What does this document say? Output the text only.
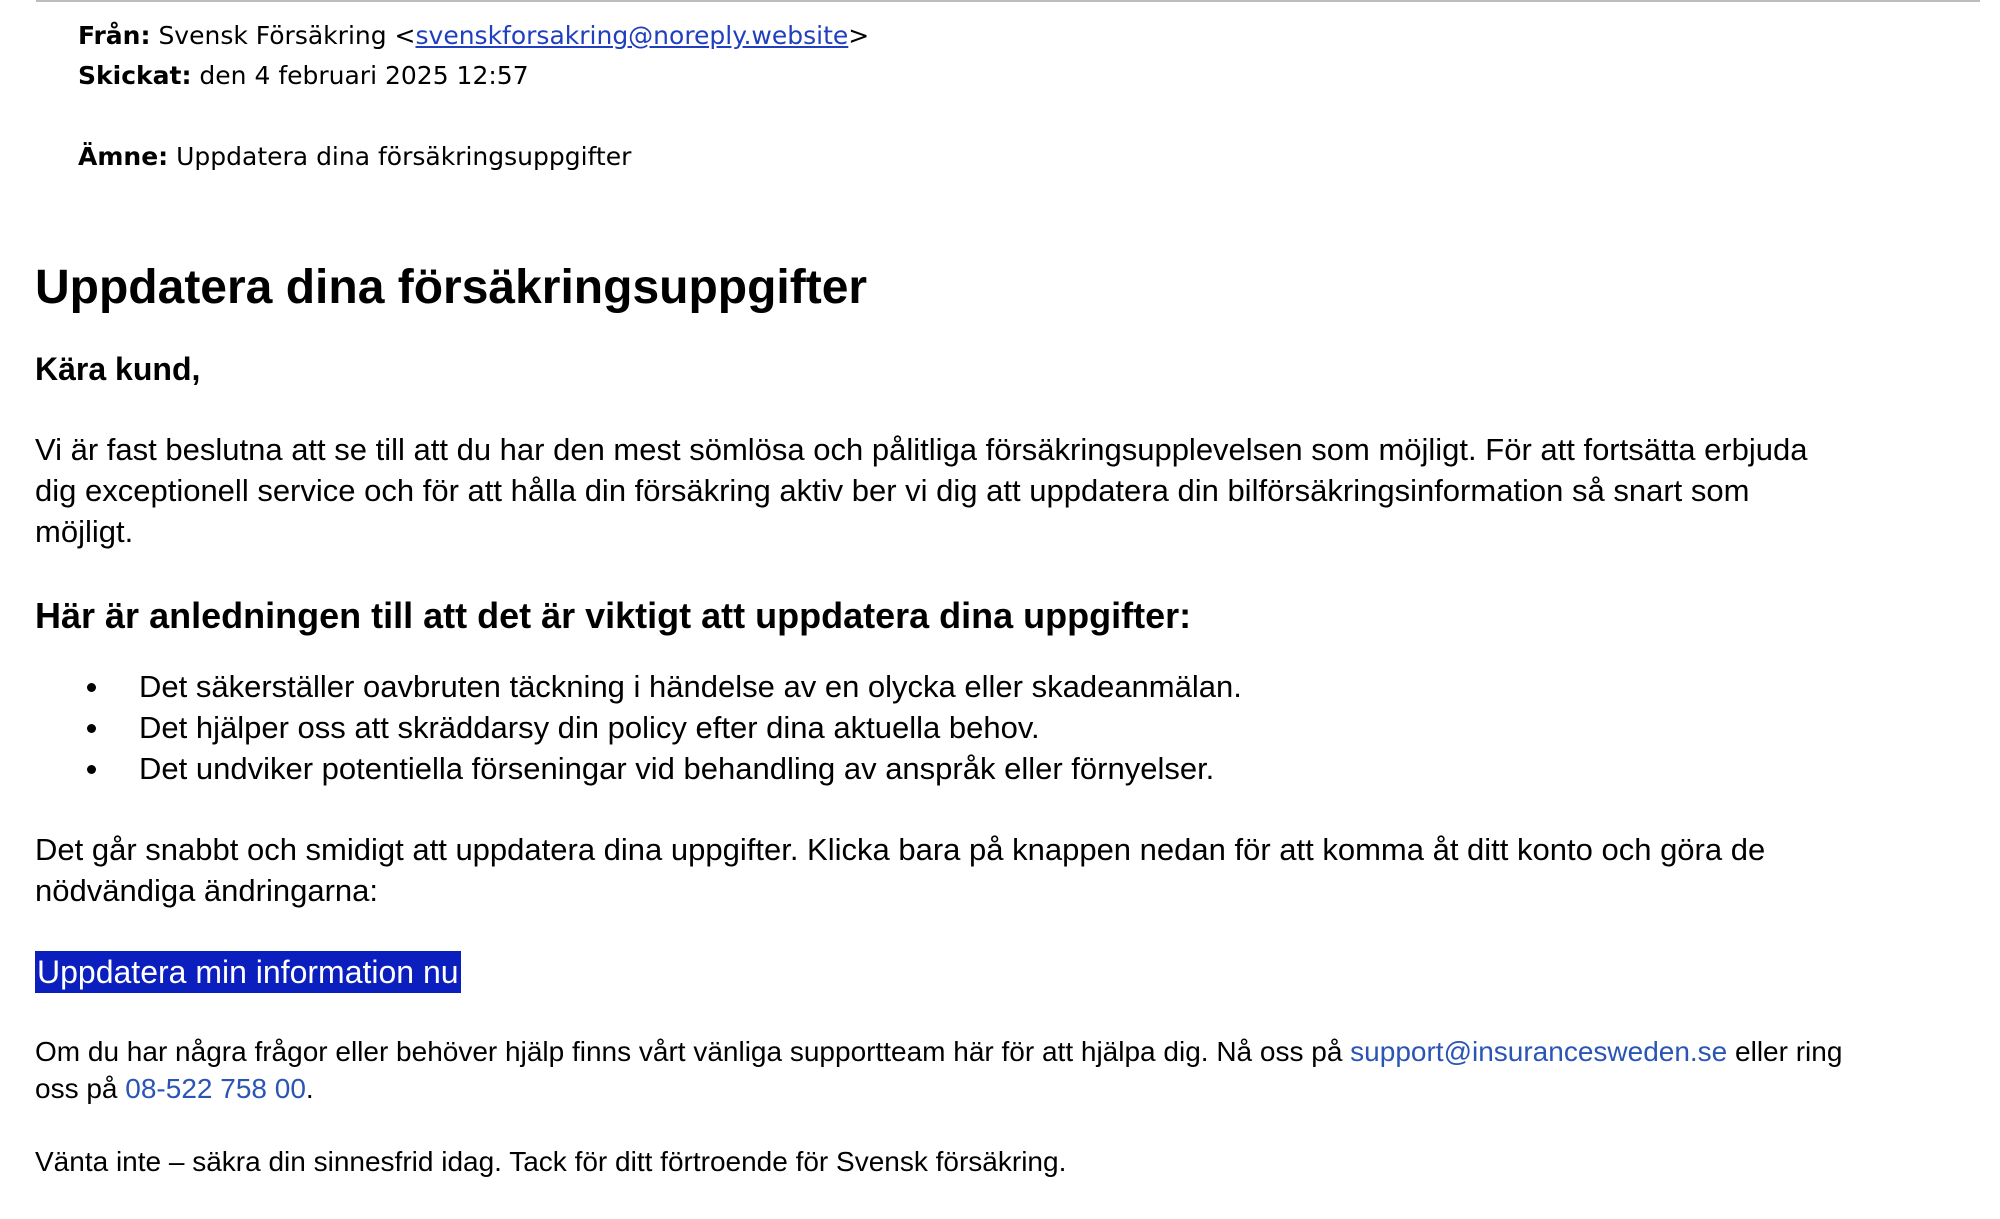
Från: Svensk Försäkring <svenskforsakring@noreply.website>
Skickat: den 4 februari 2025 12:57
Ämne: Uppdatera dina försäkringsuppgifter
Uppdatera dina försäkringsuppgifter

Kära kund,

Vi är fast beslutna att se till att du har den mest sömlösa och pålitliga försäkringsupplevelsen som möjligt. För att fortsätta erbjuda
dig exceptionell service och för att hålla din försäkring aktiv ber vi dig att uppdatera din bilförsäkringsinformation så snart som
möjligt.
Här är anledningen till att det är viktigt att uppdatera dina uppgifter:
Det säkerställer oavbruten täckning i händelse av en olycka eller skadeanmälan.
Det hjälper oss att skräddarsy din policy efter dina aktuella behov.
Det undviker potentiella förseningar vid behandling av anspråk eller förnyelser.
Det går snabbt och smidigt att uppdatera dina uppgifter. Klicka bara på knappen nedan för att komma åt ditt konto och göra de
nödvändiga ändringarna:
Uppdatera min information nu
Om du har några frågor eller behöver hjälp finns vårt vänliga supportteam här för att hjälpa dig. Nå oss på support@insurancesweden.se eller ring
oss på 08-522 758 00.

Vänta inte – säkra din sinnesfrid idag. Tack för ditt förtroende för Svensk försäkring.
